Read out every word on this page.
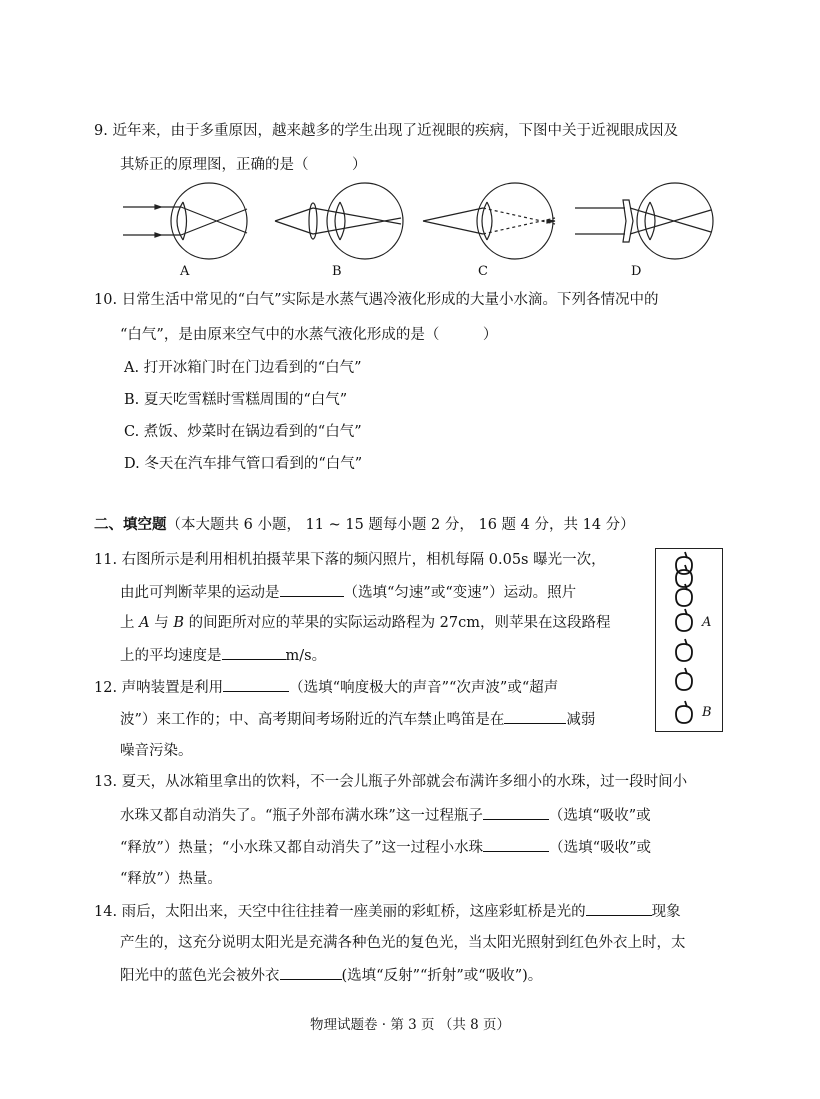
9. 近年来，由于多重原因，越来越多的学生出现了近视眼的疾病，下图中关于近视眼成因及
其矫正的原理图，正确的是（　　　）
A	B	C	D
10. 日常生活中常见的“白气”实际是水蒸气遇冷液化形成的大量小水滴。下列各情况中的
“白气”，是由原来空气中的水蒸气液化形成的是（　　　）
A. 打开冰箱门时在门边看到的“白气”
B. 夏天吃雪糕时雪糕周围的“白气”
C. 煮饭、炒菜时在锅边看到的“白气”
D. 冬天在汽车排气管口看到的“白气”
二、填空题（本大题共 6 小题， 11 ~ 15 题每小题 2 分， 16 题 4 分，共 14 分）
11. 右图所示是利用相机拍摄苹果下落的频闪照片，相机每隔 0.05s 曝光一次，
由此可判断苹果的运动是	（选填“匀速”或“变速”）运动。照片
上 A 与 B 的间距所对应的苹果的实际运动路程为 27cm，则苹果在这段路程
上的平均速度是	m/s。
A
B
12. 声呐装置是利用	（选填“响度极大的声音”“次声波”或“超声
波”）来工作的；中、高考期间考场附近的汽车禁止鸣笛是在	减弱
噪音污染。
13. 夏天，从冰箱里拿出的饮料，不一会儿瓶子外部就会布满许多细小的水珠，过一段时间小
水珠又都自动消失了。“瓶子外部布满水珠”这一过程瓶子	（选填“吸收”或
“释放”）热量；“小水珠又都自动消失了”这一过程小水珠	（选填“吸收”或
“释放”）热量。
14. 雨后，太阳出来，天空中往往挂着一座美丽的彩虹桥，这座彩虹桥是光的	现象
产生的，这充分说明太阳光是充满各种色光的复色光，当太阳光照射到红色外衣上时，太
阳光中的蓝色光会被外衣	(选填“反射”“折射”或“吸收”)。
物理试题卷 · 第 3 页 （共 8 页）
